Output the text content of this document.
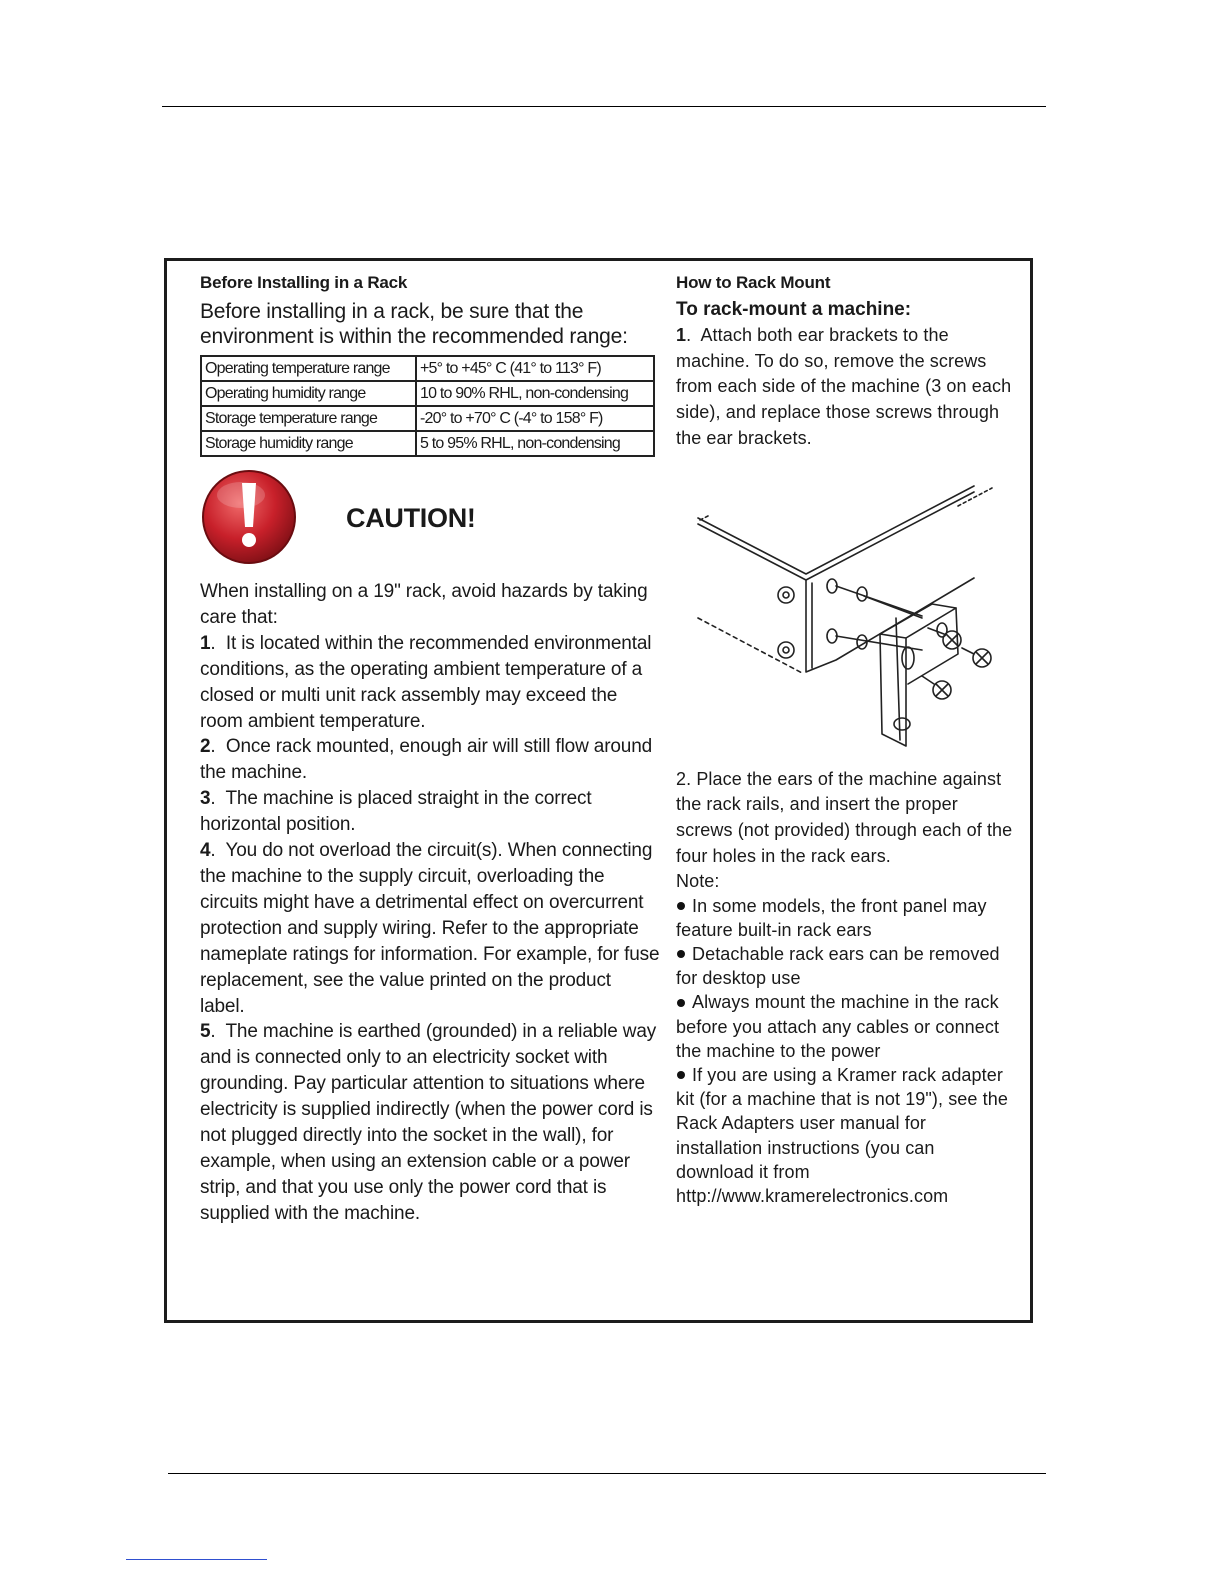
Before Installing in a Rack
Before installing in a rack, be sure that the environment is within the recommended range:
Operating temperature range	+5° to +45° C (41° to 113° F)
Operating humidity range	10 to 90% RHL, non-condensing
Storage temperature range	-20° to +70° C (-4° to 158° F)
Storage humidity range	5 to 95% RHL, non-condensing
CAUTION!

When installing on a 19" rack, avoid hazards by taking care that:

1.  It is located within the recommended environmental conditions, as the operating ambient temperature of a closed or multi unit rack assembly may exceed the room ambient temperature.

2.  Once rack mounted, enough air will still flow around the machine.

3.  The machine is placed straight in the correct horizontal position.

4.  You do not overload the circuit(s). When connecting the machine to the supply circuit, overloading the circuits might have a detrimental effect on overcurrent protection and supply wiring. Refer to the appropriate nameplate ratings for information. For example, for fuse replacement, see the value printed on the product label.

5.  The machine is earthed (grounded) in a reliable way and is connected only to an electricity socket with grounding. Pay particular attention to situations where electricity is supplied indirectly (when the power cord is not plugged directly into the socket in the wall), for example, when using an extension cable or a power strip, and that you use only the power cord that is supplied with the machine.

How to Rack Mount
To rack-mount a machine:

1.  Attach both ear brackets to the machine. To do so, remove the screws from each side of the machine (3 on each side), and replace those screws through the ear brackets.

2. Place the ears of the machine against the rack rails, and insert the proper screws (not provided) through each of the four holes in the rack ears.

Note:

In some models, the front panel may feature built-in rack ears

Detachable rack ears can be removed for desktop use

Always mount the machine in the rack before you attach any cables or connect the machine to the power

If you are using a Kramer rack adapter kit (for a machine that is not 19"), see the Rack Adapters user manual for installation instructions (you can download it from

http://www.kramerelectronics.com
